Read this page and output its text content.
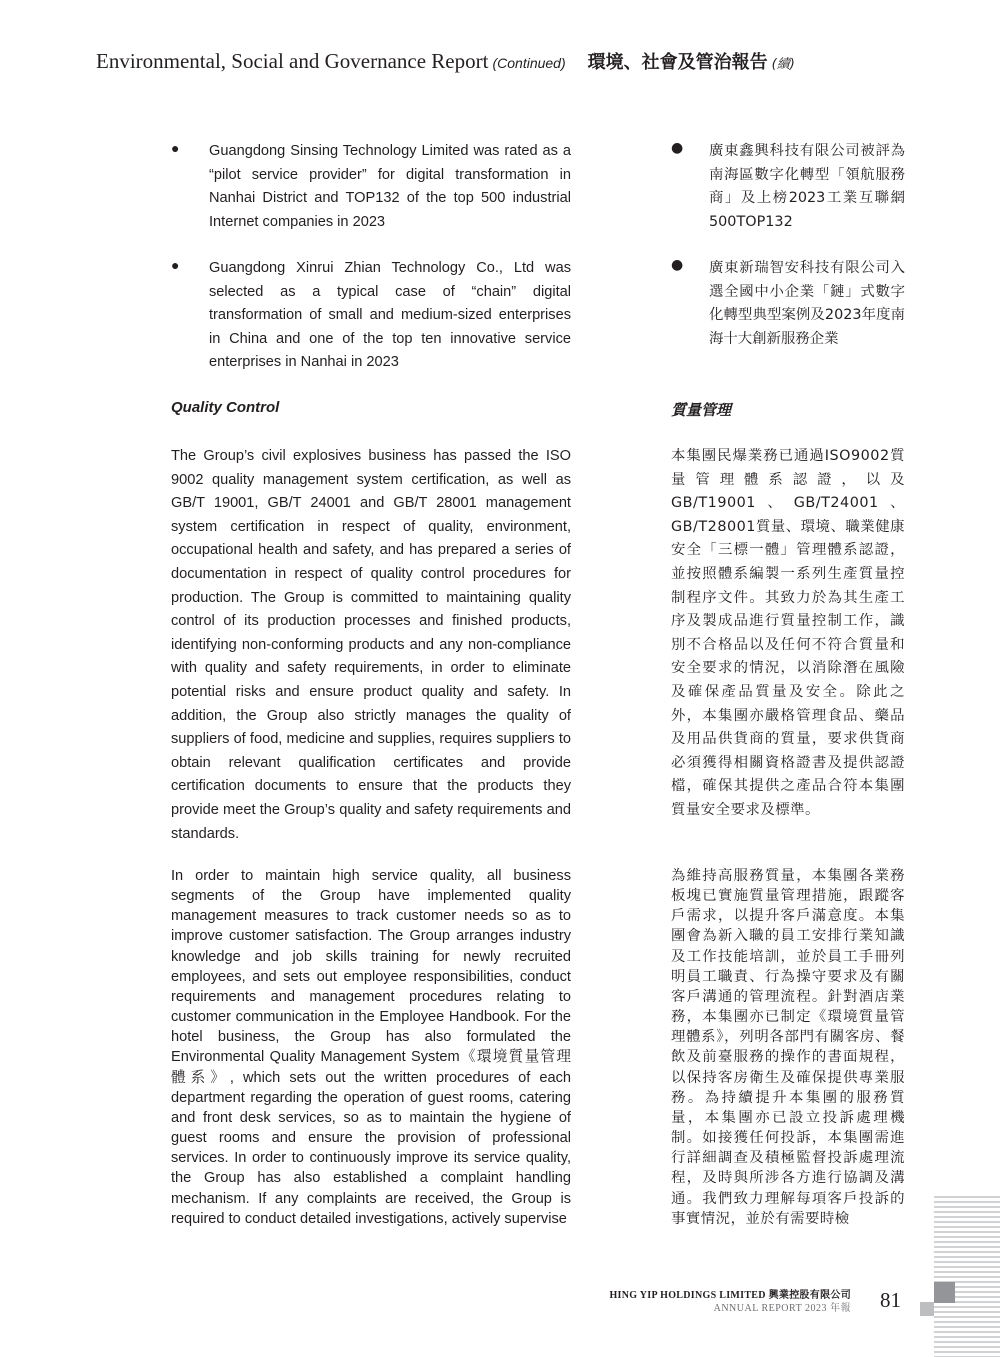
Environmental, Social and Governance Report (Continued) 環境、社會及管治報告 (續)
●	Guangdong Sinsing Technology Limited was rated as a “pilot service provider” for digital transformation in Nanhai District and TOP132 of the top 500 industrial Internet companies in 2023
●	Guangdong Xinrui Zhian Technology Co., Ltd was selected as a typical case of “chain” digital transformation of small and medium-sized enterprises in China and one of the top ten innovative service enterprises in Nanhai in 2023
Quality Control
The Group’s civil explosives business has passed the ISO 9002 quality management system certification, as well as GB/T 19001, GB/T 24001 and GB/T 28001 management system certification in respect of quality, environment, occupational health and safety, and has prepared a series of documentation in respect of quality control procedures for production. The Group is committed to maintaining quality control of its production processes and finished products, identifying non-conforming products and any non-compliance with quality and safety requirements, in order to eliminate potential risks and ensure product quality and safety. In addition, the Group also strictly manages the quality of suppliers of food, medicine and supplies, requires suppliers to obtain relevant qualification certificates and provide certification documents to ensure that the products they provide meet the Group’s quality and safety requirements and standards.
In order to maintain high service quality, all business segments of the Group have implemented quality management measures to track customer needs so as to improve customer satisfaction. The Group arranges industry knowledge and job skills training for newly recruited employees, and sets out employee responsibilities, conduct requirements and management procedures relating to customer communication in the Employee Handbook. For the hotel business, the Group has also formulated the Environmental Quality Management System《環境質量管理體系》, which sets out the written procedures of each department regarding the operation of guest rooms, catering and front desk services, so as to maintain the hygiene of guest rooms and ensure the provision of professional services. In order to continuously improve its service quality, the Group has also established a complaint handling mechanism. If any complaints are received, the Group is required to conduct detailed investigations, actively supervise
●	廣東鑫興科技有限公司被評為南海區數字化轉型「領航服務商」及上榜2023工業互聯網500TOP132
●	廣東新瑞智安科技有限公司入選全國中小企業「鏈」式數字化轉型典型案例及2023年度南海十大創新服務企業
質量管理
本集團民爆業務已通過ISO9002質量管理體系認證，以及GB/T19001、GB/T24001、GB/T28001質量、環境、職業健康安全「三標一體」管理體系認證，並按照體系編製一系列生產質量控制程序文件。其致力於為其生產工序及製成品進行質量控制工作，識別不合格品以及任何不符合質量和安全要求的情況，以消除潛在風險及確保產品質量及安全。除此之外，本集團亦嚴格管理食品、藥品及用品供貨商的質量，要求供貨商必須獲得相關資格證書及提供認證檔，確保其提供之產品合符本集團質量安全要求及標準。
為維持高服務質量，本集團各業務板塊已實施質量管理措施，跟蹤客戶需求，以提升客戶滿意度。本集團會為新入職的員工安排行業知識及工作技能培訓，並於員工手冊列明員工職責、行為操守要求及有關客戶溝通的管理流程。針對酒店業務，本集團亦已制定《環境質量管理體系》，列明各部門有關客房、餐飲及前臺服務的操作的書面規程，以保持客房衛生及確保提供專業服務。為持續提升本集團的服務質量，本集團亦已設立投訴處理機制。如接獲任何投訴，本集團需進行詳細調查及積極監督投訴處理流程，及時與所涉各方進行協調及溝通。我們致力理解每項客戶投訴的事實情況，並於有需要時檢
HING YIP HOLDINGS LIMITED 興業控股有限公司
ANNUAL REPORT 2023 年報 81
